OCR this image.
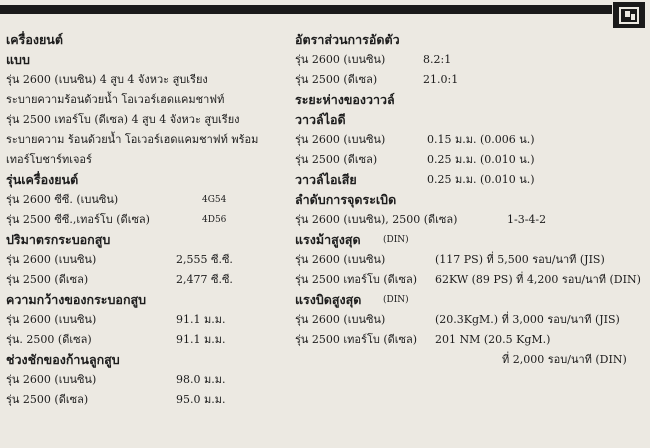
เครื่องยนต์
แบบ
รุ่น 2600 (เบนซิน) 4 สูบ 4 จังหวะ สูบเรียง
ระบายความร้อนด้วยน้ำ โอเวอร์เฮดแคมชาฟท์
รุ่น 2500 เทอร์โบ (ดีเซล) 4 สูบ 4 จังหวะ สูบเรียง
ระบายความ ร้อนด้วยน้ำ โอเวอร์เฮดแคมชาฟท์ พร้อม
เทอร์โบชาร์ทเจอร์
รุ่นเครื่องยนต์
รุ่น 2600 ซีซี. (เบนซิน)	4G54
รุ่น 2500 ซีซี.,เทอร์โบ (ดีเซล)	4D56
ปริมาตรกระบอกสูบ
รุ่น 2600 (เบนซิน)	2,555 ซี.ซี.
รุ่น 2500 (ดีเซล)	2,477 ซี.ซี.
ความกว้างของกระบอกสูบ
รุ่น 2600 (เบนซิน)	91.1 ม.ม.
รุ่น. 2500 (ดีเซล)	91.1 ม.ม.
ช่วงชักของก้านลูกสูบ
รุ่น 2600 (เบนซิน)	98.0 ม.ม.
รุ่น 2500 (ดีเซล)	95.0 ม.ม.
อัตราส่วนการอัดตัว
รุ่น 2600 (เบนซิน)	8.2:1
รุ่น 2500 (ดีเซล)	21.0:1
ระยะห่างของวาวล์
วาวล์ไอดี
รุ่น 2600 (เบนซิน)	0.15 ม.ม. (0.006 น.)
รุ่น 2500 (ดีเซล)	0.25 ม.ม. (0.010 น.)
วาวล์ไอเสีย	0.25 ม.ม. (0.010 น.)
ลำดับการจุดระเบิด
รุ่น 2600 (เบนซิน), 2500 (ดีเซล)	1-3-4-2
แรงม้าสูงสุด (DIN)
รุ่น 2600 (เบนซิน)	(117 PS) ที่ 5,500 รอบ/นาที (JIS)
รุ่น 2500 เทอร์โบ (ดีเซล) 62KW (89 PS) ที่ 4,200 รอบ/นาที (DIN)
แรงบิดสูงสุด (DIN)
รุ่น 2600 (เบนซิน)	(20.3KgM.) ที่ 3,000 รอบ/นาที (JIS)
รุ่น 2500 เทอร์โบ (ดีเซล) 201 NM (20.5 KgM.)
ที่ 2,000 รอบ/นาที (DIN)
